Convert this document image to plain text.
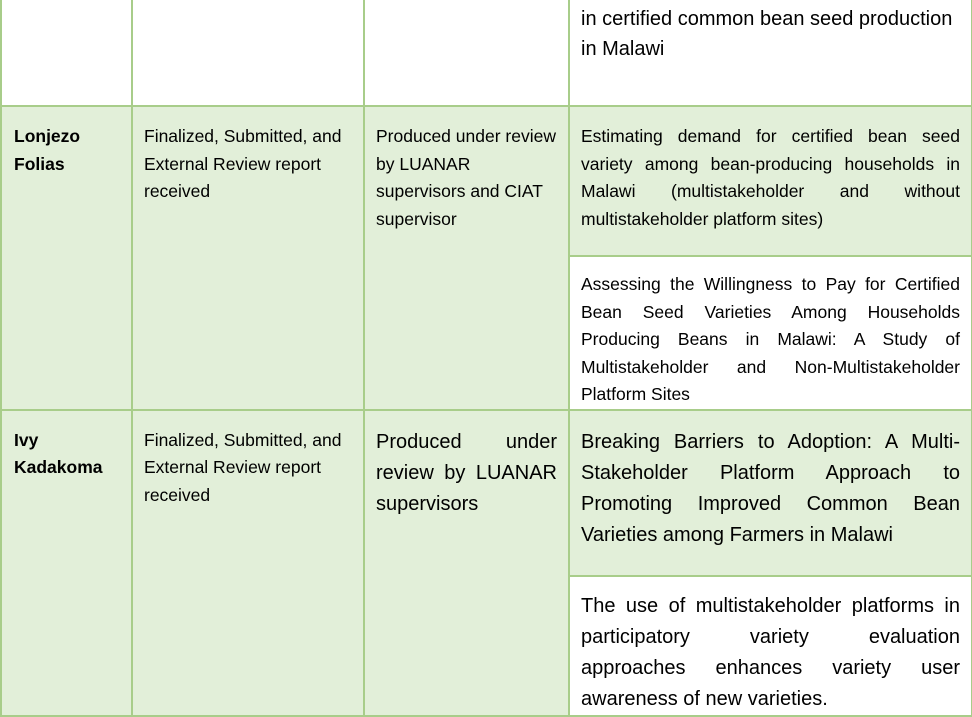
			in certified common bean seed production in Malawi
Lonjezo Folias	Finalized, Submitted, and External Review report received	Produced under review by LUANAR supervisors and CIAT supervisor	Estimating demand for certified bean seed variety among bean-producing households in Malawi (multistakeholder and without multistakeholder platform sites)
			Assessing the Willingness to Pay for Certified Bean Seed Varieties Among Households Producing Beans in Malawi: A Study of Multistakeholder and Non-Multistakeholder Platform Sites
Ivy Kadakoma	Finalized, Submitted, and External Review report received	Produced under review by LUANAR supervisors	Breaking Barriers to Adoption: A Multi-Stakeholder Platform Approach to Promoting Improved Common Bean Varieties among Farmers in Malawi
			The use of multistakeholder platforms in participatory variety evaluation approaches enhances variety user awareness of new varieties.
